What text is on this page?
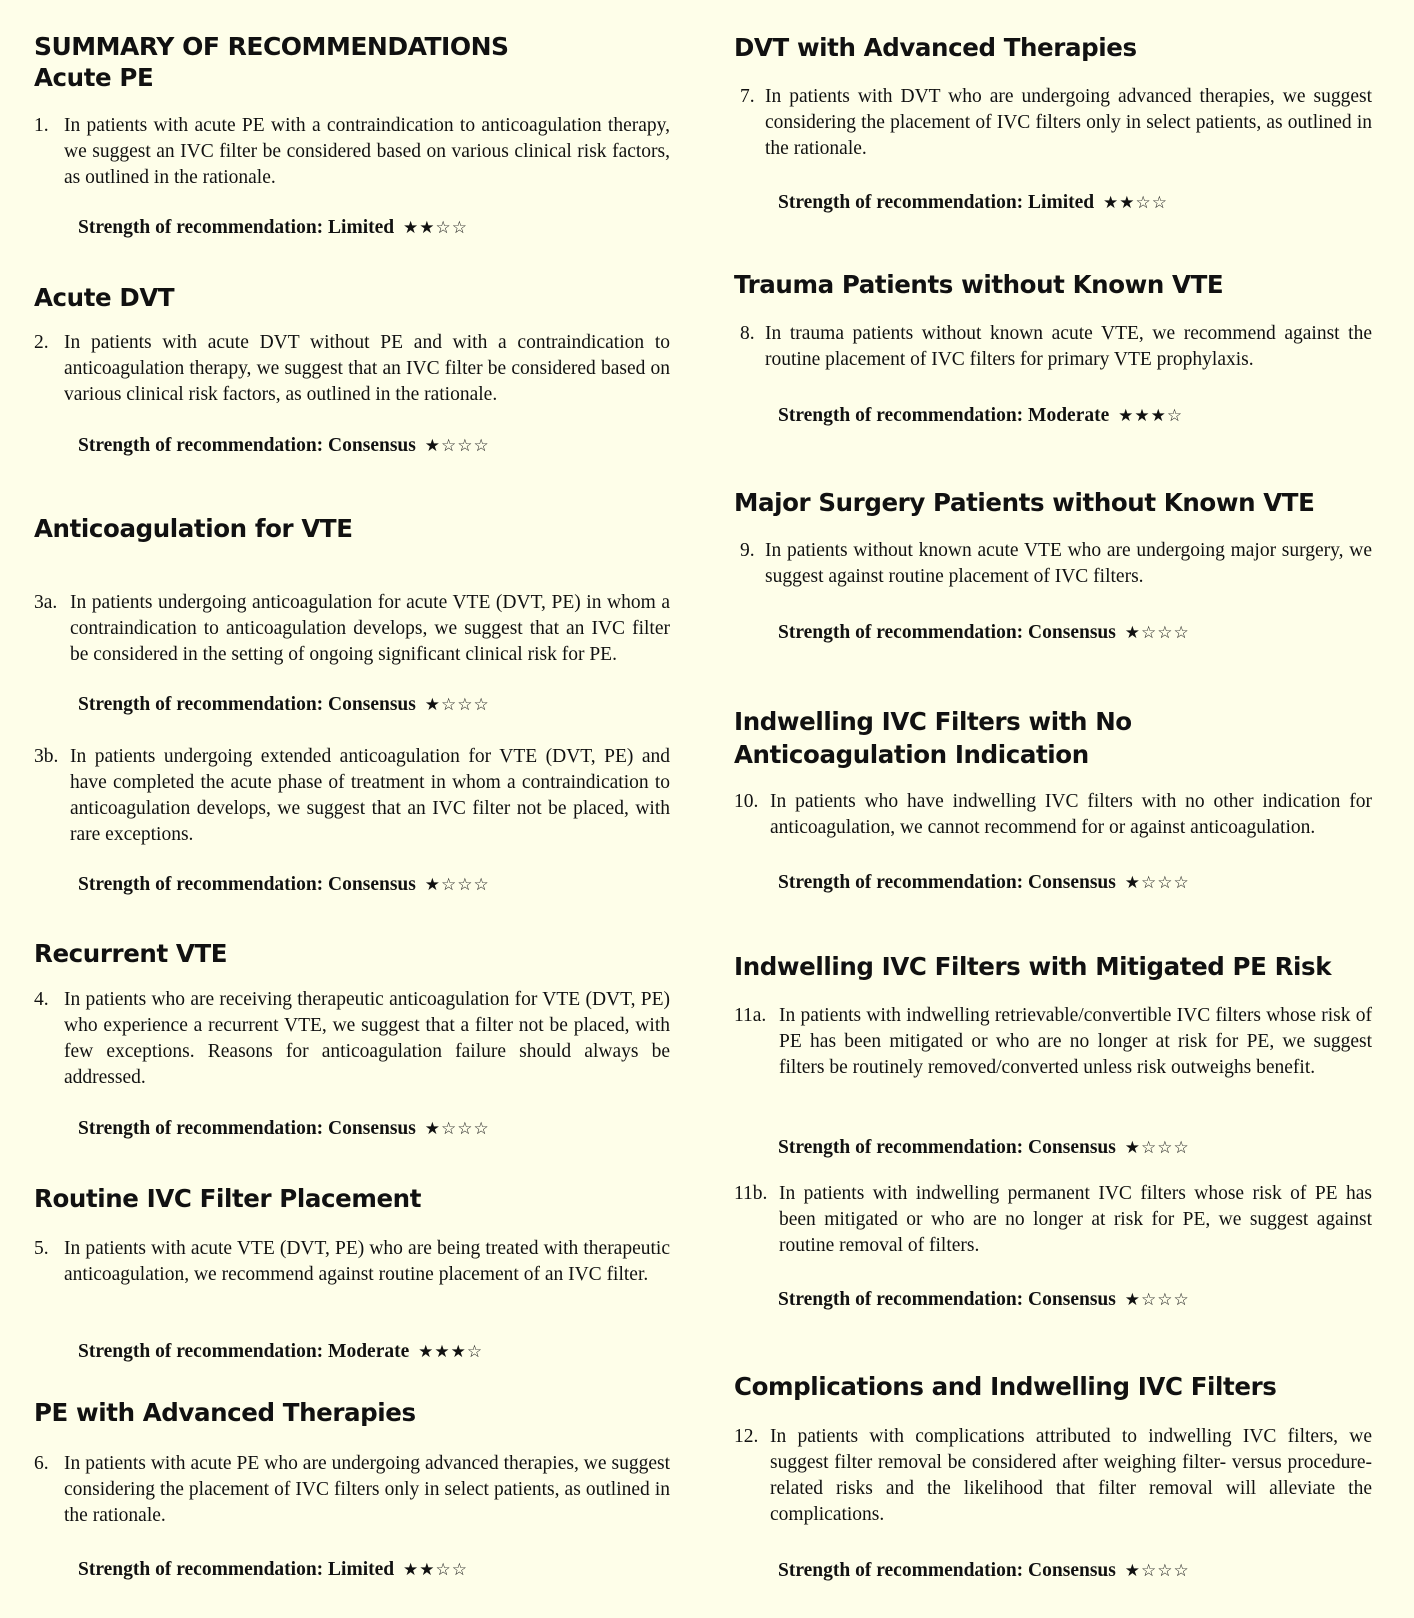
SUMMARY OF RECOMMENDATIONS
Acute PE
1. In patients with acute PE with a contraindication to anticoagulation therapy, we suggest an IVC filter be considered based on various clinical risk factors, as outlined in the rationale.
Strength of recommendation: Limited ★★☆☆
Acute DVT
2. In patients with acute DVT without PE and with a contraindication to anticoagulation therapy, we suggest that an IVC filter be considered based on various clinical risk factors, as outlined in the rationale.
Strength of recommendation: Consensus ★☆☆☆
Anticoagulation for VTE
3a. In patients undergoing anticoagulation for acute VTE (DVT, PE) in whom a contraindication to anticoagulation develops, we suggest that an IVC filter be considered in the setting of ongoing significant clinical risk for PE.
Strength of recommendation: Consensus ★☆☆☆
3b. In patients undergoing extended anticoagulation for VTE (DVT, PE) and have completed the acute phase of treatment in whom a contraindication to anticoagulation develops, we suggest that an IVC filter not be placed, with rare exceptions.
Strength of recommendation: Consensus ★☆☆☆
Recurrent VTE
4. In patients who are receiving therapeutic anticoagulation for VTE (DVT, PE) who experience a recurrent VTE, we suggest that a filter not be placed, with few exceptions. Reasons for anticoagulation failure should always be addressed.
Strength of recommendation: Consensus ★☆☆☆
Routine IVC Filter Placement
5. In patients with acute VTE (DVT, PE) who are being treated with therapeutic anticoagulation, we recommend against routine placement of an IVC filter.
Strength of recommendation: Moderate ★★★☆
PE with Advanced Therapies
6. In patients with acute PE who are undergoing advanced therapies, we suggest considering the placement of IVC filters only in select patients, as outlined in the rationale.
Strength of recommendation: Limited ★★☆☆
DVT with Advanced Therapies
7. In patients with DVT who are undergoing advanced therapies, we suggest considering the placement of IVC filters only in select patients, as outlined in the rationale.
Strength of recommendation: Limited ★★☆☆
Trauma Patients without Known VTE
8. In trauma patients without known acute VTE, we recommend against the routine placement of IVC filters for primary VTE prophylaxis.
Strength of recommendation: Moderate ★★★☆
Major Surgery Patients without Known VTE
9. In patients without known acute VTE who are undergoing major surgery, we suggest against routine placement of IVC filters.
Strength of recommendation: Consensus ★☆☆☆
Indwelling IVC Filters with No Anticoagulation Indication
10. In patients who have indwelling IVC filters with no other indication for anticoagulation, we cannot recommend for or against anticoagulation.
Strength of recommendation: Consensus ★☆☆☆
Indwelling IVC Filters with Mitigated PE Risk
11a. In patients with indwelling retrievable/convertible IVC filters whose risk of PE has been mitigated or who are no longer at risk for PE, we suggest filters be routinely removed/converted unless risk outweighs benefit.
Strength of recommendation: Consensus ★☆☆☆
11b. In patients with indwelling permanent IVC filters whose risk of PE has been mitigated or who are no longer at risk for PE, we suggest against routine removal of filters.
Strength of recommendation: Consensus ★☆☆☆
Complications and Indwelling IVC Filters
12. In patients with complications attributed to indwelling IVC filters, we suggest filter removal be considered after weighing filter- versus procedure-related risks and the likelihood that filter removal will alleviate the complications.
Strength of recommendation: Consensus ★☆☆☆
